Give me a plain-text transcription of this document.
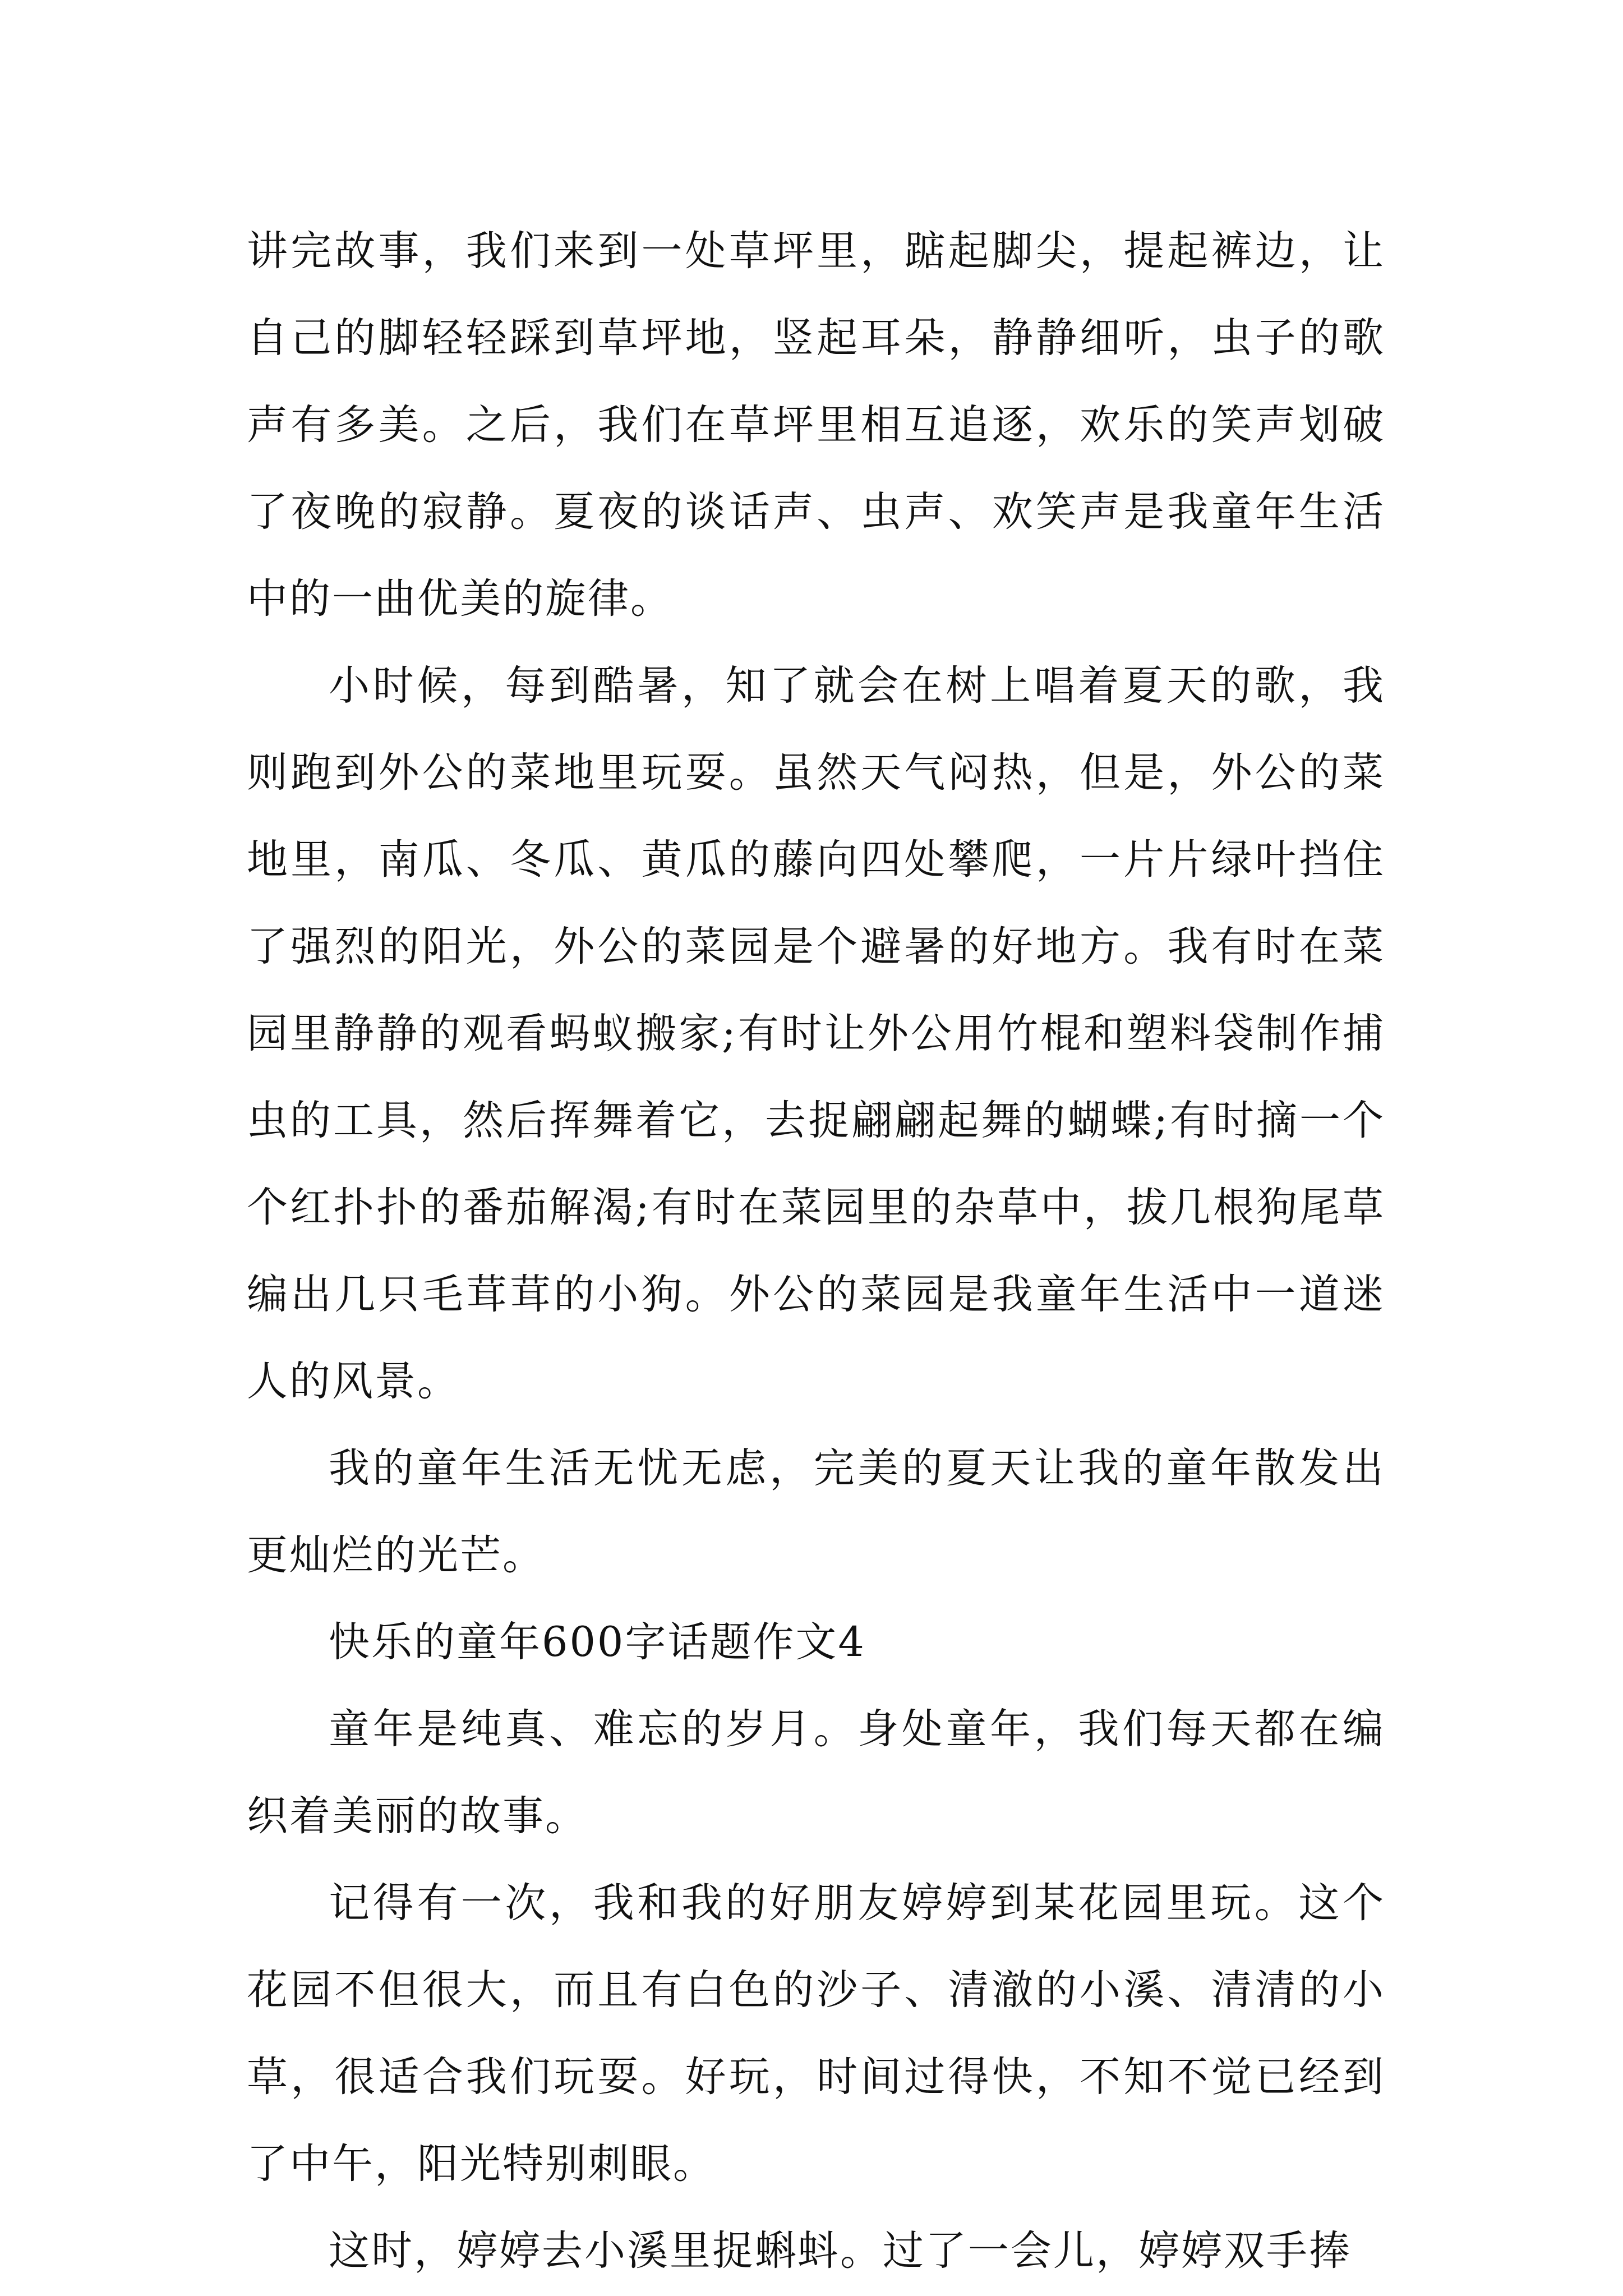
讲完故事，我们来到一处草坪里，踮起脚尖，提起裤边，让自己的脚轻轻踩到草坪地，竖起耳朵，静静细听，虫子的歌声有多美。之后，我们在草坪里相互追逐，欢乐的笑声划破了夜晚的寂静。夏夜的谈话声、虫声、欢笑声是我童年生活中的一曲优美的旋律。

小时候，每到酷暑，知了就会在树上唱着夏天的歌，我则跑到外公的菜地里玩耍。虽然天气闷热，但是，外公的菜地里，南瓜、冬瓜、黄瓜的藤向四处攀爬，一片片绿叶挡住了强烈的阳光，外公的菜园是个避暑的好地方。我有时在菜园里静静的观看蚂蚁搬家;有时让外公用竹棍和塑料袋制作捕虫的工具，然后挥舞着它，去捉翩翩起舞的蝴蝶;有时摘一个个红扑扑的番茄解渴;有时在菜园里的杂草中，拔几根狗尾草编出几只毛茸茸的小狗。外公的菜园是我童年生活中一道迷人的风景。

我的童年生活无忧无虑，完美的夏天让我的童年散发出更灿烂的光芒。

快乐的童年600字话题作文4

童年是纯真、难忘的岁月。身处童年，我们每天都在编织着美丽的故事。

记得有一次，我和我的好朋友婷婷到某花园里玩。这个花园不但很大，而且有白色的沙子、清澈的小溪、清清的小草，很适合我们玩耍。好玩，时间过得快，不知不觉已经到了中午，阳光特别刺眼。

这时，婷婷去小溪里捉蝌蚪。过了一会儿，婷婷双手捧
